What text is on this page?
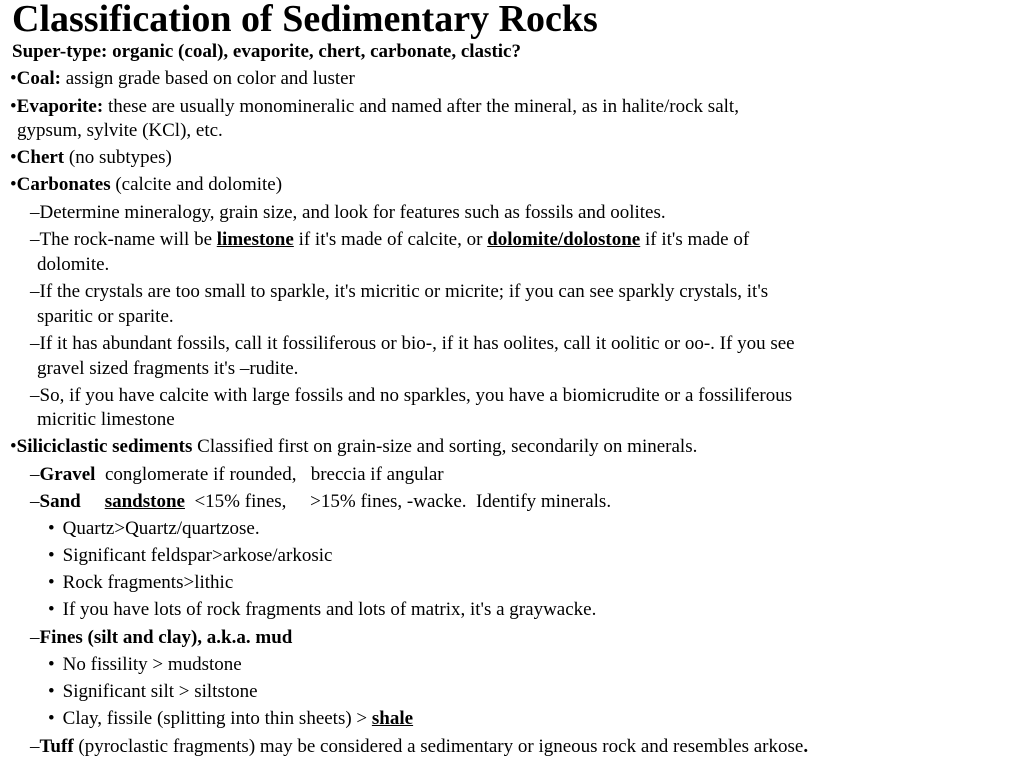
Classification of Sedimentary Rocks
Super-type: organic (coal), evaporite, chert, carbonate, clastic?
•Coal: assign grade based on color and luster
•Evaporite: these are usually monomineralic and named after the mineral, as in halite/rock salt,
gypsum, sylvite (KCl), etc.
•Chert (no subtypes)
•Carbonates (calcite and dolomite)
–Determine mineralogy, grain size, and look for features such as fossils and oolites.
–The rock-name will be limestone if it's made of calcite, or dolomite/dolostone if it's made of
dolomite.
–If the crystals are too small to sparkle, it's micritic or micrite; if you can see sparkly crystals, it's
sparitic or sparite.
–If it has abundant fossils, call it fossiliferous or bio-, if it has oolites, call it oolitic or oo-. If you see
gravel sized fragments it's –rudite.
–So, if you have calcite with large fossils and no sparkles, you have a biomicrudite or a fossiliferous
micritic limestone
•Siliciclastic sediments Classified first on grain-size and sorting, secondarily on minerals.
–Gravel  conglomerate if rounded,   breccia if angular
–Sand sandstone  <15% fines,     >15% fines, -wacke.  Identify minerals.
• Quartz>Quartz/quartzose.
• Significant feldspar>arkose/arkosic
• Rock fragments>lithic
• If you have lots of rock fragments and lots of matrix, it's a graywacke.
–Fines (silt and clay), a.k.a. mud
• No fissility > mudstone
• Significant silt > siltstone
• Clay, fissile (splitting into thin sheets) > shale
–Tuff (pyroclastic fragments) may be considered a sedimentary or igneous rock and resembles arkose.
